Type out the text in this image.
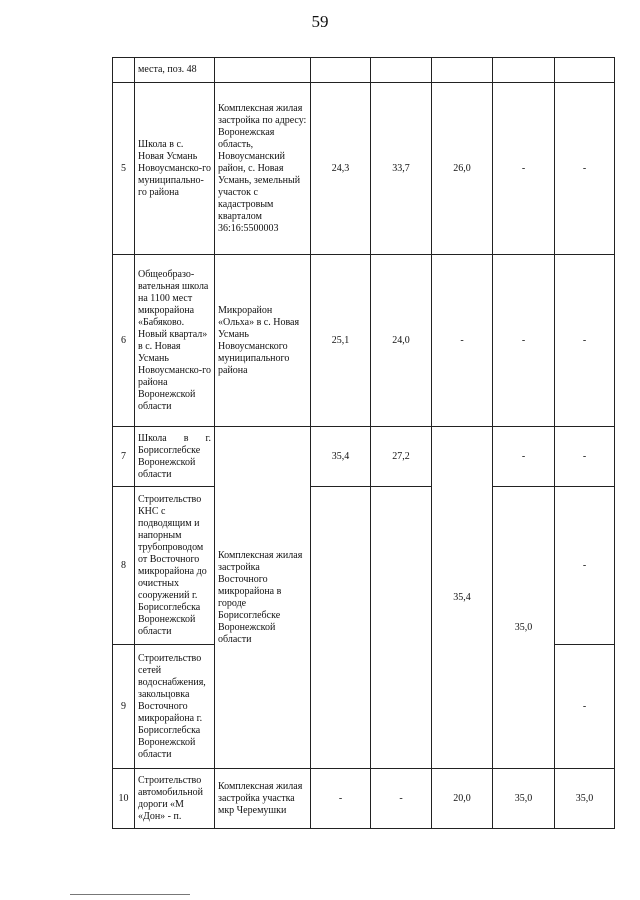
59
	места, поз. 48						
5	Школа в с. Новая Усмань Новоусманско-го муниципально-го района	Комплексная жилая застройка по адресу: Воронежская область, Новоусманский район, с. Новая Усмань, земельный участок с кадастровым кварталом 36:16:5500003	24,3	33,7	26,0	-	-
6	Общеобразо-вательная школа на 1100 мест микрорайона «Бабяково. Новый квартал» в с. Новая Усмань Новоусманско-го района Воронежской области	Микрорайон «Ольха» в с. Новая Усмань Новоусманского муниципального района	25,1	24,0	-	-	-
7	Школа в г. Борисоглебске Воронежской области	Комплексная жилая застройка Восточного микрорайона в городе Борисоглебске Воронежской области	35,4	27,2	35,4	-	-
8	Строительство КНС с подводящим и напорным трубопроводом от Восточного микрорайона до очистных сооружений г. Борисоглебска Воронежской области					35,0	-
9	Строительство сетей водоснабжения, закольцовка Восточного микрорайона г. Борисоглебска Воронежской области						-
10	Строительство автомобильной дороги «М «Дон» - п.	Комплексная жилая застройка участка мкр Черемушки	-	-	20,0	35,0	35,0
